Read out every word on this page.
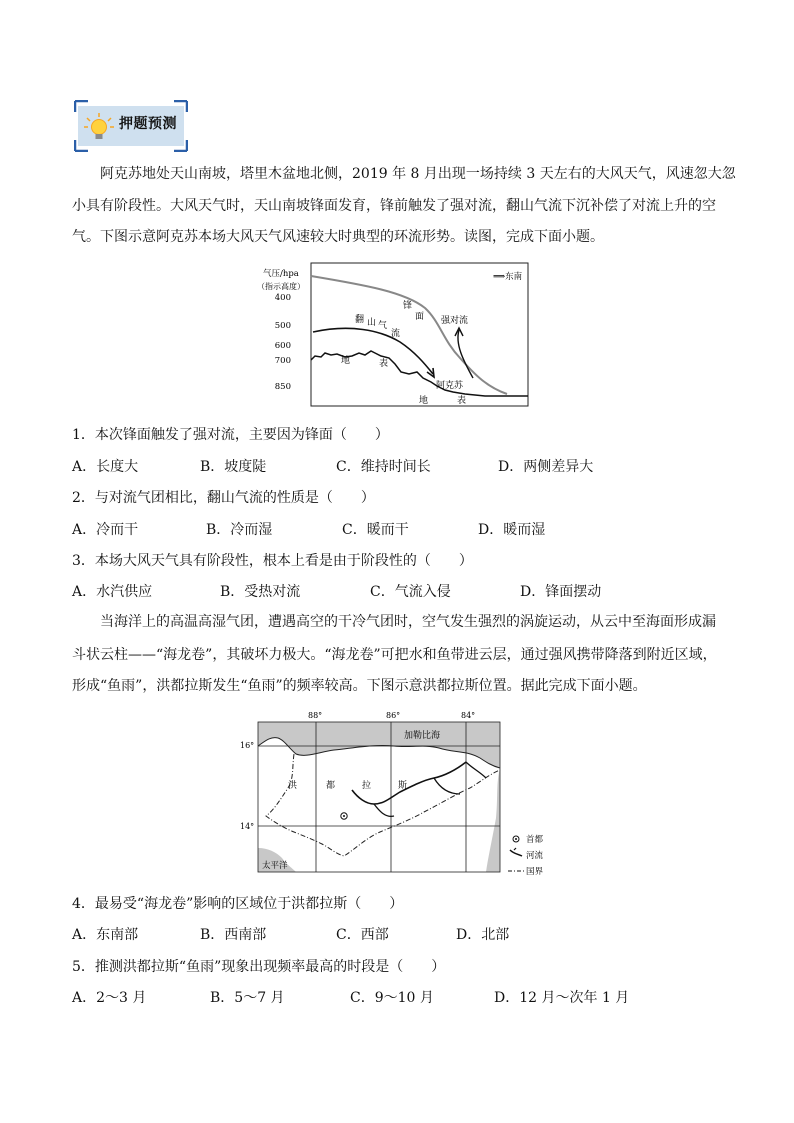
押题预测
阿克苏地处天山南坡，塔里木盆地北侧，2019 年 8 月出现一场持续 3 天左右的大风天气，风速忽大忽
小具有阶段性。大风天气时，天山南坡锋面发育，锋前触发了强对流，翻山气流下沉补偿了对流上升的空
气。下图示意阿克苏本场大风天气风速较大时典型的环流形势。读图，完成下面小题。
气压/hpa
（指示高度）
400
500
600
700
850
⟹东南
锋
面 强对流
翻 山 气
流
地	表
阿克苏
地	表
1．本次锋面触发了强对流，主要因为锋面（　　）
A．长度大	B．坡度陡	C．维持时间长	D．两侧差异大
2．与对流气团相比，翻山气流的性质是（　　）
A．冷而干	B．冷而湿	C．暖而干	D．暖而湿
3．本场大风天气具有阶段性，根本上看是由于阶段性的（　　）
A．水汽供应	B．受热对流	C．气流入侵	D．锋面摆动
当海洋上的高温高湿气团，遭遇高空的干冷气团时，空气发生强烈的涡旋运动，从云中至海面形成漏
斗状云柱——“海龙卷”，其破坏力极大。“海龙卷”可把水和鱼带进云层，通过强风携带降落到附近区域，
形成“鱼雨”，洪都拉斯发生“鱼雨”的频率较高。下图示意洪都拉斯位置。据此完成下面小题。
88°	86°	84°
16°
14°
加勒比海
洪	都	拉	斯
太平洋
首都
河流
国界
4．最易受“海龙卷”影响的区域位于洪都拉斯（　　）
A．东南部	B．西南部	C．西部	D．北部
5．推测洪都拉斯“鱼雨”现象出现频率最高的时段是（　　）
A．2～3 月	B．5～7 月	C．9～10 月	D．12 月～次年 1 月
